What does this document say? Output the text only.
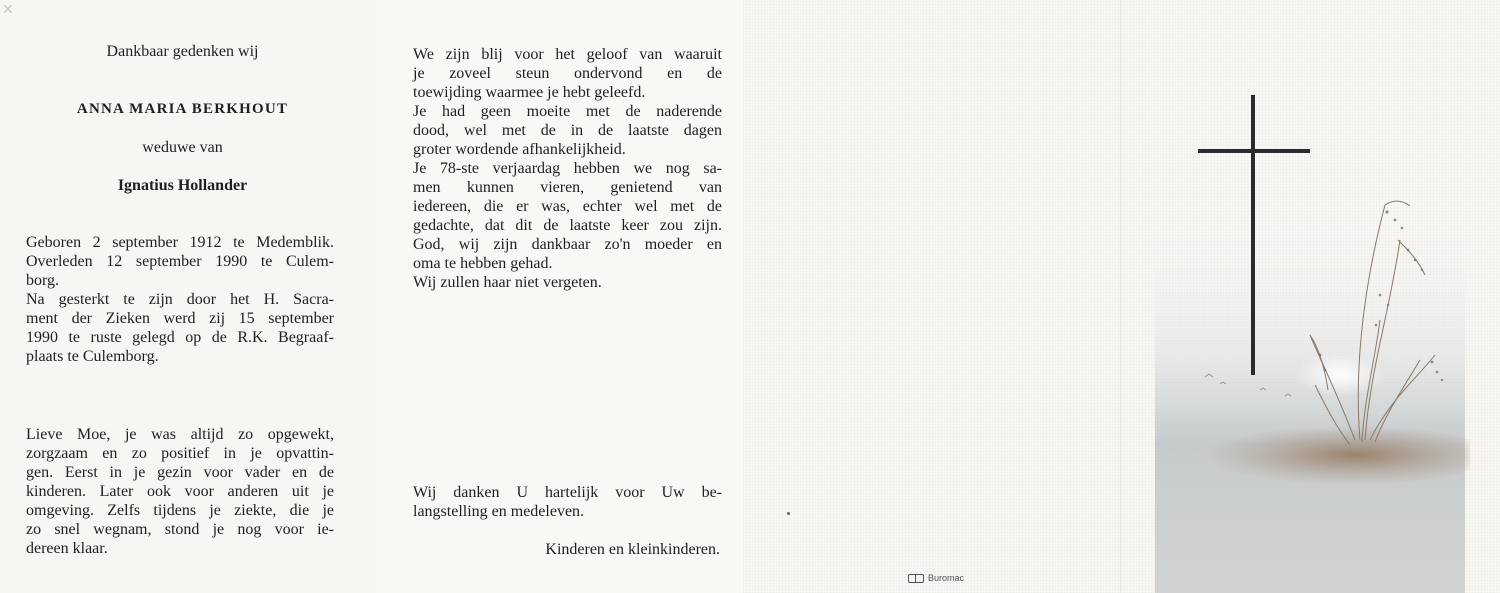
✕
Dankbaar gedenken wij
ANNA MARIA BERKHOUT
weduwe van
Ignatius Hollander
Geboren 2 september 1912 te Medemblik.
Overleden 12 september 1990 te Culem-
borg.
Na gesterkt te zijn door het H. Sacra-
ment der Zieken werd zij 15 september
1990 te ruste gelegd op de R.K. Begraaf-
plaats te Culemborg.
Lieve Moe, je was altijd zo opgewekt,
zorgzaam en zo positief in je opvattin-
gen. Eerst in je gezin voor vader en de
kinderen. Later ook voor anderen uit je
omgeving. Zelfs tijdens je ziekte, die je
zo snel wegnam, stond je nog voor ie-
dereen klaar.
We zijn blij voor het geloof van waaruit
je zoveel steun ondervond en de
toewijding waarmee je hebt geleefd.
Je had geen moeite met de naderende
dood, wel met de in de laatste dagen
groter wordende afhankelijkheid.
Je 78-ste verjaardag hebben we nog sa-
men kunnen vieren, genietend van
iedereen, die er was, echter wel met de
gedachte, dat dit de laatste keer zou zijn.
God, wij zijn dankbaar zo'n moeder en
oma te hebben gehad.
Wij zullen haar niet vergeten.
Wij danken U hartelijk voor Uw be-
langstelling en medeleven.
Kinderen en kleinkinderen.
Buromac
